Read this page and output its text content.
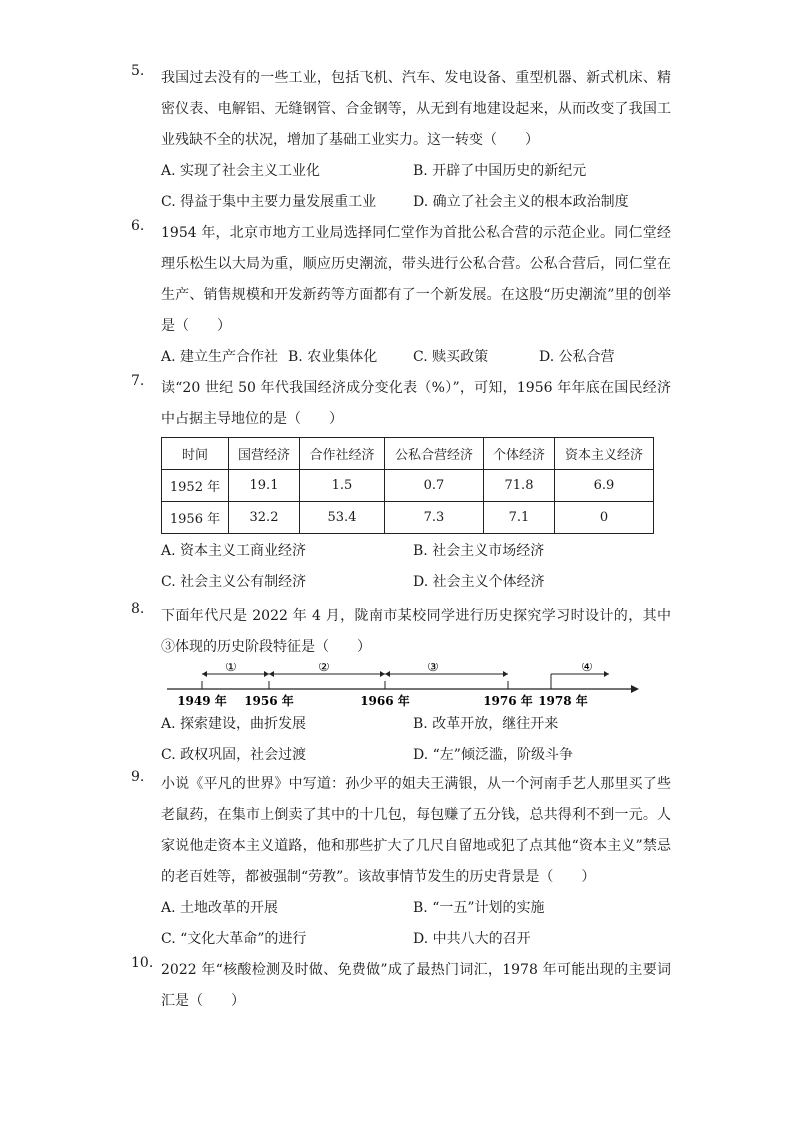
5.	我国过去没有的一些工业，包括飞机、汽车、发电设备、重型机器、新式机床、精密仪表、电解铝、无缝钢管、合金钢等，从无到有地建设起来，从而改变了我国工业残缺不全的状况，增加了基础工业实力。这一转变（　　）
A. 实现了社会主义工业化	B. 开辟了中国历史的新纪元
C. 得益于集中主要力量发展重工业	D. 确立了社会主义的根本政治制度
6.	1954 年，北京市地方工业局选择同仁堂作为首批公私合营的示范企业。同仁堂经理乐松生以大局为重，顺应历史潮流，带头进行公私合营。公私合营后，同仁堂在生产、销售规模和开发新药等方面都有了一个新发展。在这股“历史潮流”里的创举是（　　）
A. 建立生产合作社 B. 农业集体化	C. 赎买政策	D. 公私合营
7.	读“20 世纪 50 年代我国经济成分变化表（%）”，可知，1956 年年底在国民经济中占据主导地位的是（　　）
时间	国营经济	合作社经济	公私合营经济	个体经济	资本主义经济
1952 年	19.1	1.5	0.7	71.8	6.9
1956 年	32.2	53.4	7.3	7.1	0
A. 资本主义工商业经济	B. 社会主义市场经济
C. 社会主义公有制经济	D. 社会主义个体经济
8.	下面年代尺是 2022 年 4 月，陇南市某校同学进行历史探究学习时设计的，其中③体现的历史阶段特征是（　　）
①	②	③	④
1949 年 1956 年	1966 年	1976 年 1978 年
A. 探索建设，曲折发展	B. 改革开放，继往开来
C. 政权巩固，社会过渡	D. “左”倾泛滥，阶级斗争
9.	小说《平凡的世界》中写道：孙少平的姐夫王满银，从一个河南手艺人那里买了些老鼠药，在集市上倒卖了其中的十几包，每包赚了五分钱，总共得利不到一元。人家说他走资本主义道路，他和那些扩大了几尺自留地或犯了点其他“资本主义”禁忌的老百姓等，都被强制“劳教”。该故事情节发生的历史背景是（　　）
A. 土地改革的开展	B. “一五”计划的实施
C. “文化大革命”的进行	D. 中共八大的召开
10. 2022 年“核酸检测及时做、免费做”成了最热门词汇，1978 年可能出现的主要词汇是（　　）
